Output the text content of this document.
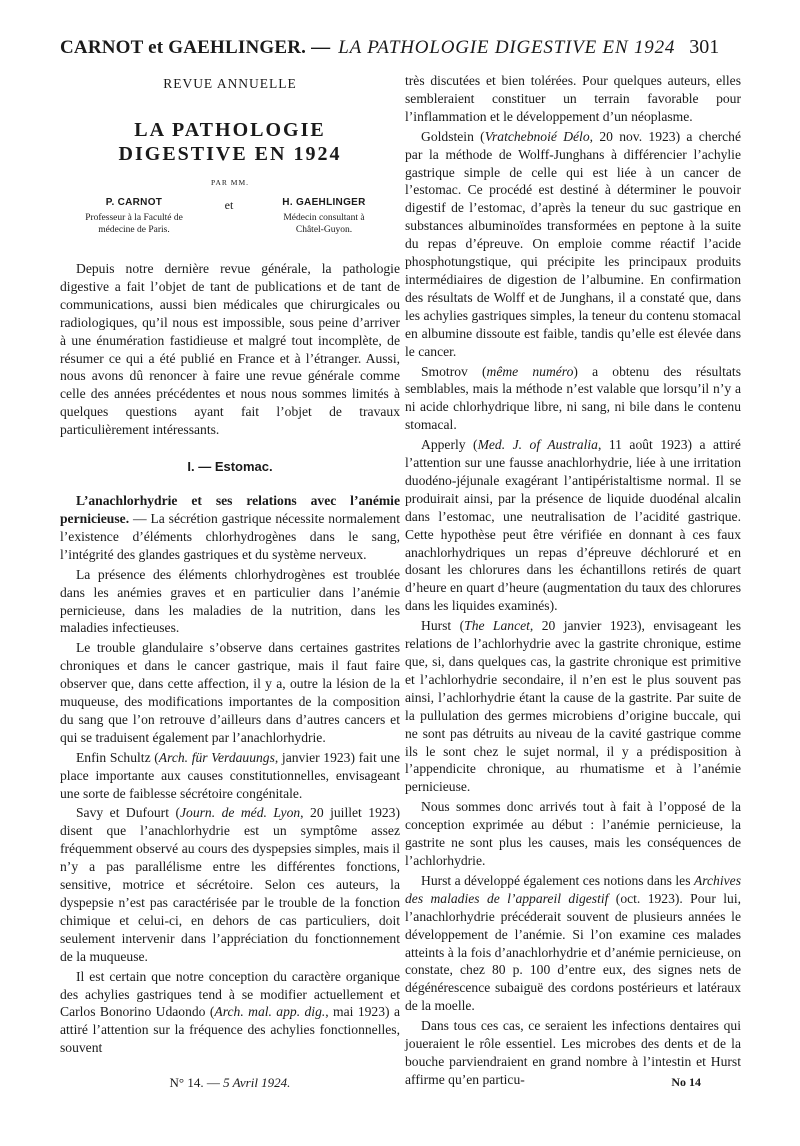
CARNOT et GAEHLINGER. — LA PATHOLOGIE DIGESTIVE EN 1924 301
REVUE ANNUELLE
LA PATHOLOGIE
DIGESTIVE EN 1924
PAR MM.
P. CARNOT
Professeur à la Faculté de
médecine de Paris.
et	H. GAEHLINGER
Médecin consultant à
Châtel-Guyon.

Depuis notre dernière revue générale, la pathologie digestive a fait l’objet de tant de publications et de tant de communications, aussi bien médicales que chirurgicales ou radiologiques, qu’il nous est impossible, sous peine d’arriver à une énumération fastidieuse et malgré tout incomplète, de résumer ce qui a été publié en France et à l’étranger. Aussi, nous avons dû renoncer à faire une revue générale comme celle des années précédentes et nous nous sommes limités à quelques questions ayant fait l’objet de travaux particulièrement intéressants.

I. — Estomac.

L’anachlorhydrie et ses relations avec l’anémie pernicieuse. — La sécrétion gastrique nécessite normalement l’existence d’éléments chlorhydrogènes dans le sang, l’intégrité des glandes gastriques et du système nerveux.

La présence des éléments chlorhydrogènes est troublée dans les anémies graves et en particulier dans l’anémie pernicieuse, dans les maladies de la nutrition, dans les maladies infectieuses.

Le trouble glandulaire s’observe dans certaines gastrites chroniques et dans le cancer gastrique, mais il faut faire observer que, dans cette affection, il y a, outre la lésion de la muqueuse, des modifications importantes de la composition du sang que l’on retrouve d’ailleurs dans d’autres cancers et qui se traduisent également par l’anachlorhydrie.

Enfin Schultz (Arch. für Verdauungs, janvier 1923) fait une place importante aux causes constitutionnelles, envisageant une sorte de faiblesse sécrétoire congénitale.

Savy et Dufourt (Journ. de méd. Lyon, 20 juillet 1923) disent que l’anachlorhydrie est un symptôme assez fréquemment observé au cours des dyspepsies simples, mais il n’y a pas parallélisme entre les différentes fonctions, sensitive, motrice et sécrétoire. Selon ces auteurs, la dyspepsie n’est pas caractérisée par le trouble de la fonction chimique et celui-ci, en dehors de cas particuliers, doit seulement intervenir dans l’appréciation du fonctionnement de la muqueuse.

Il est certain que notre conception du caractère organique des achylies gastriques tend à se modifier actuellement et Carlos Bonorino Udaondo (Arch. mal. app. dig., mai 1923) a attiré l’attention sur la fréquence des achylies fonctionnelles, souvent

très discutées et bien tolérées. Pour quelques auteurs, elles sembleraient constituer un terrain favorable pour l’inflammation et le développement d’un néoplasme.

Goldstein (Vratchebnoié Délo, 20 nov. 1923) a cherché par la méthode de Wolff-Junghans à différencier l’achylie gastrique simple de celle qui est liée à un cancer de l’estomac. Ce procédé est destiné à déterminer le pouvoir digestif de l’estomac, d’après la teneur du suc gastrique en substances albuminoïdes transformées en peptone à la suite du repas d’épreuve. On emploie comme réactif l’acide phosphotungstique, qui précipite les principaux produits intermédiaires de digestion de l’albumine. En confirmation des résultats de Wolff et de Junghans, il a constaté que, dans les achylies gastriques simples, la teneur du contenu stomacal en albumine dissoute est faible, tandis qu’elle est élevée dans le cancer.

Smotrov (même numéro) a obtenu des résultats semblables, mais la méthode n’est valable que lorsqu’il n’y a ni acide chlorhydrique libre, ni sang, ni bile dans le contenu stomacal.

Apperly (Med. J. of Australia, 11 août 1923) a attiré l’attention sur une fausse anachlorhydrie, liée à une irritation duodéno-jéjunale exagérant l’antipéristaltisme normal. Il se produirait ainsi, par la présence de liquide duodénal alcalin dans l’estomac, une neutralisation de l’acidité gastrique. Cette hypothèse peut être vérifiée en donnant à ces faux anachlorhydriques un repas d’épreuve déchloruré et en dosant les chlorures dans les échantillons retirés de quart d’heure en quart d’heure (augmentation du taux des chlorures dans les liquides examinés).

Hurst (The Lancet, 20 janvier 1923), envisageant les relations de l’achlorhydrie avec la gastrite chronique, estime que, si, dans quelques cas, la gastrite chronique est primitive et l’achlorhydrie secondaire, il n’en est le plus souvent pas ainsi, l’achlorhydrie étant la cause de la gastrite. Par suite de la pullulation des germes microbiens d’origine buccale, qui ne sont pas détruits au niveau de la cavité gastrique comme ils le sont chez le sujet normal, il y a prédisposition à l’appendicite chronique, au rhumatisme et à l’anémie pernicieuse.

Nous sommes donc arrivés tout à fait à l’opposé de la conception exprimée au début : l’anémie pernicieuse, la gastrite ne sont plus les causes, mais les conséquences de l’achlorhydrie.

Hurst a développé également ces notions dans les Archives des maladies de l’appareil digestif (oct. 1923). Pour lui, l’anachlorhydrie précéderait souvent de plusieurs années le développement de l’anémie. Si l’on examine ces malades atteints à la fois d’anachlorhydrie et d’anémie pernicieuse, on constate, chez 80 p. 100 d’entre eux, des signes nets de dégénérescence subaiguë des cordons postérieurs et latéraux de la moelle.

Dans tous ces cas, ce seraient les infections dentaires qui joueraient le rôle essentiel. Les microbes des dents et de la bouche parviendraient en grand nombre à l’intestin et Hurst affirme qu’en particu-

N° 14. — 5 Avril 1924.	No 14
